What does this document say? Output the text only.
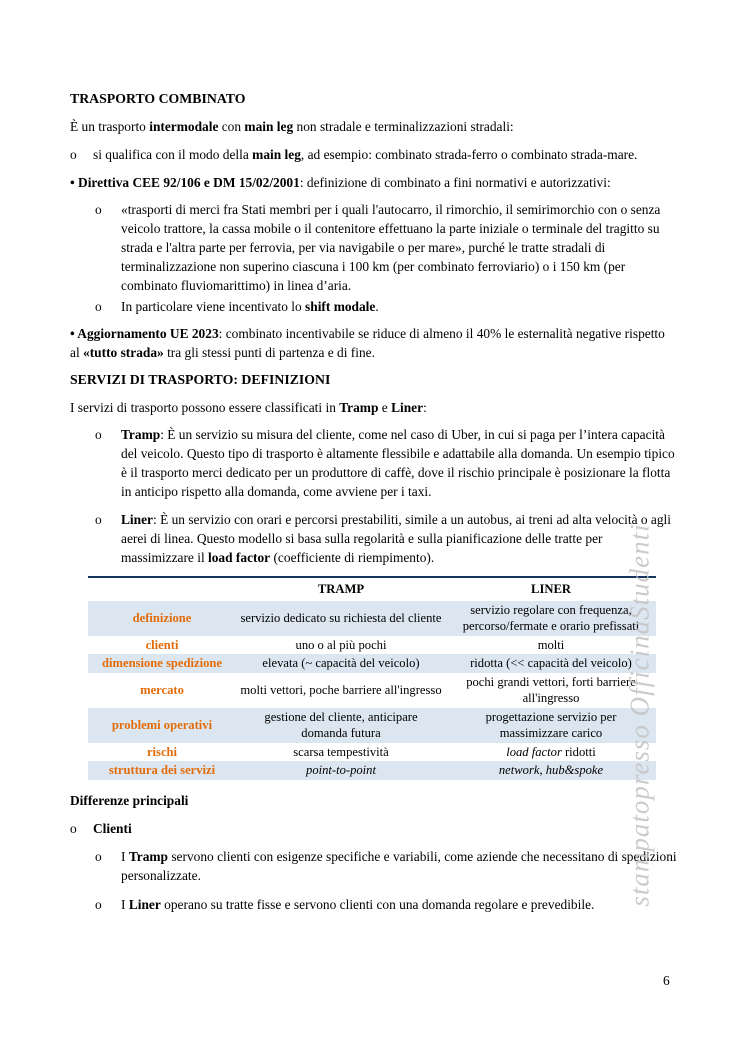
TRASPORTO COMBINATO

È un trasporto intermodale con main leg non stradale e terminalizzazioni stradali:

o	si qualifica con il modo della main leg, ad esempio: combinato strada-ferro o combinato strada-mare.

• Direttiva CEE 92/106 e DM 15/02/2001: definizione di combinato a fini normativi e autorizzativi:

o	«trasporti di merci fra Stati membri per i quali l'autocarro, il rimorchio, il semirimorchio con o senza veicolo trattore, la cassa mobile o il contenitore effettuano la parte iniziale o terminale del tragitto su strada e l'altra parte per ferrovia, per via navigabile o per mare», purché le tratte stradali di terminalizzazione non superino ciascuna i 100 km (per combinato ferroviario) o i 150 km (per combinato fluviomarittimo) in linea d’aria.
o	In particolare viene incentivato lo shift modale.

• Aggiornamento UE 2023: combinato incentivabile se riduce di almeno il 40% le esternalità negative rispetto al «tutto strada» tra gli stessi punti di partenza e di fine.

SERVIZI DI TRASPORTO: DEFINIZIONI

I servizi di trasporto possono essere classificati in Tramp e Liner:

o	Tramp: È un servizio su misura del cliente, come nel caso di Uber, in cui si paga per l’intera capacità del veicolo. Questo tipo di trasporto è altamente flessibile e adattabile alla domanda. Un esempio tipico è il trasporto merci dedicato per un produttore di caffè, dove il rischio principale è posizionare la flotta in anticipo rispetto alla domanda, come avviene per i taxi.
o	Liner: È un servizio con orari e percorsi prestabiliti, simile a un autobus, ai treni ad alta velocità o agli aerei di linea. Questo modello si basa sulla regolarità e sulla pianificazione delle tratte per massimizzare il load factor (coefficiente di riempimento).
	TRAMP	LINER
definizione	servizio dedicato su richiesta del cliente	servizio regolare con frequenza, percorso/fermate e orario prefissati
clienti	uno o al più pochi	molti
dimensione spedizione	elevata (~ capacità del veicolo)	ridotta (<< capacità del veicolo)
mercato	molti vettori, poche barriere all'ingresso	pochi grandi vettori, forti barriere all'ingresso
problemi operativi	gestione del cliente, anticipare domanda futura	progettazione servizio per massimizzare carico
rischi	scarsa tempestività	load factor ridotti
struttura dei servizi	point-to-point	network, hub&spoke
Differenze principali
o	Clienti
o	I Tramp servono clienti con esigenze specifiche e variabili, come aziende che necessitano di spedizioni personalizzate.
o	I Liner operano su tratte fisse e servono clienti con una domanda regolare e prevedibile.	stampatopresso OfficinaStudenti
6
